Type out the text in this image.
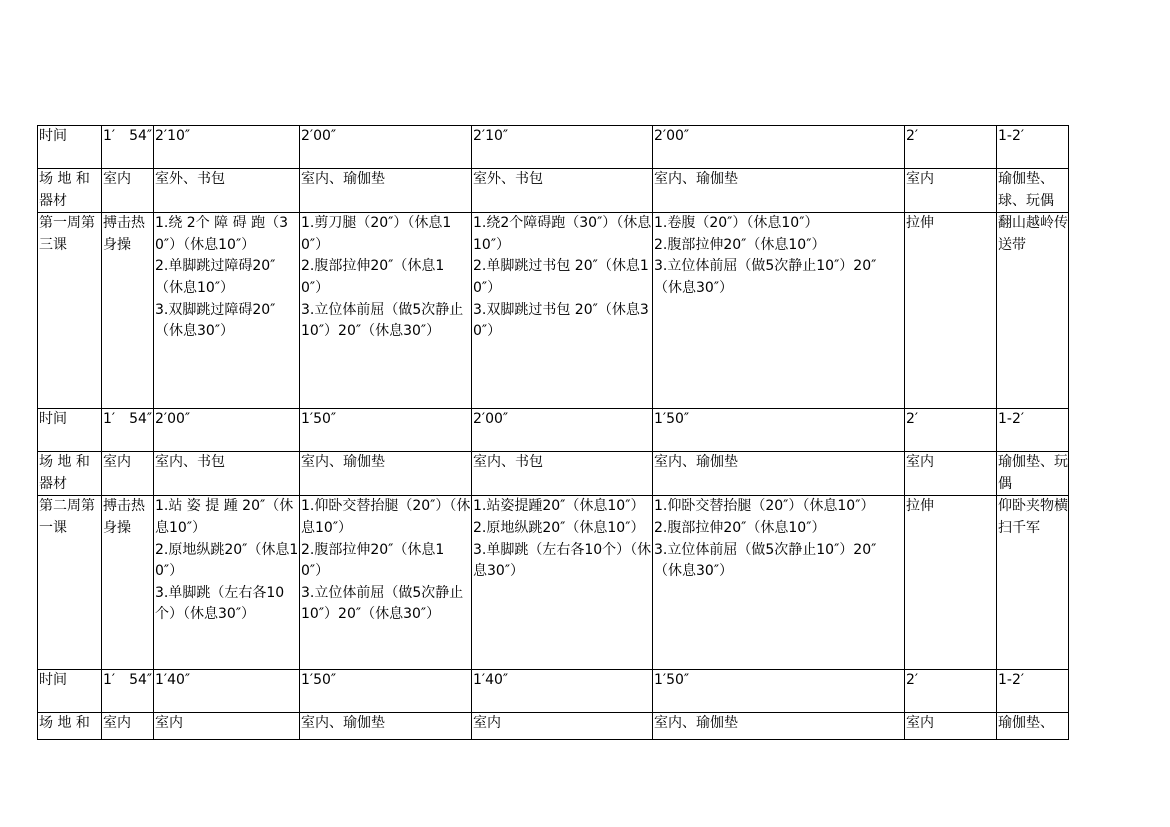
时间	1′　54″	2′10″	2′00″	2′10″	2′00″	2′	1-2′
场 地 和器材	室内	室外、书包	室内、瑜伽垫	室外、书包	室内、瑜伽垫	室内	瑜伽垫、球、玩偶
第一周第三课	搏击热身操	1.绕 2个 障 碍 跑（30″）（休息10″）
2.单脚跳过障碍20″（休息10″）
3.双脚跳过障碍20″（休息30″）	1.剪刀腿（20″）（休息10″）
2.腹部拉伸20″（休息10″）
3.立位体前屈（做5次静止10″）20″（休息30″）	1.绕2个障碍跑（30″）（休息10″）
2.单脚跳过书包 20″（休息10″）
3.双脚跳过书包 20″（休息30″）	1.卷腹（20″）（休息10″）
2.腹部拉伸20″（休息10″）
3.立位体前屈（做5次静止10″）20″（休息30″）	拉伸	翻山越岭传送带
时间	1′　54″	2′00″	1′50″	2′00″	1′50″	2′	1-2′
场 地 和器材	室内	室内、书包	室内、瑜伽垫	室内、书包	室内、瑜伽垫	室内	瑜伽垫、玩偶
第二周第一课	搏击热身操	1.站 姿 提 踵 20″（休息10″）
2.原地纵跳20″（休息10″）
3.单脚跳（左右各10个）（休息30″）	1.仰卧交替抬腿（20″）（休息10″）
2.腹部拉伸20″（休息10″）
3.立位体前屈（做5次静止10″）20″（休息30″）	1.站姿提踵20″（休息10″）
2.原地纵跳20″（休息10″）
3.单脚跳（左右各10个）（休息30″）	1.仰卧交替抬腿（20″）（休息10″）
2.腹部拉伸20″（休息10″）
3.立位体前屈（做5次静止10″）20″（休息30″）	拉伸	仰卧夹物横扫千军
时间	1′　54″	1′40″	1′50″	1′40″	1′50″	2′	1-2′
场 地 和	室内	室内	室内、瑜伽垫	室内	室内、瑜伽垫	室内	瑜伽垫、
